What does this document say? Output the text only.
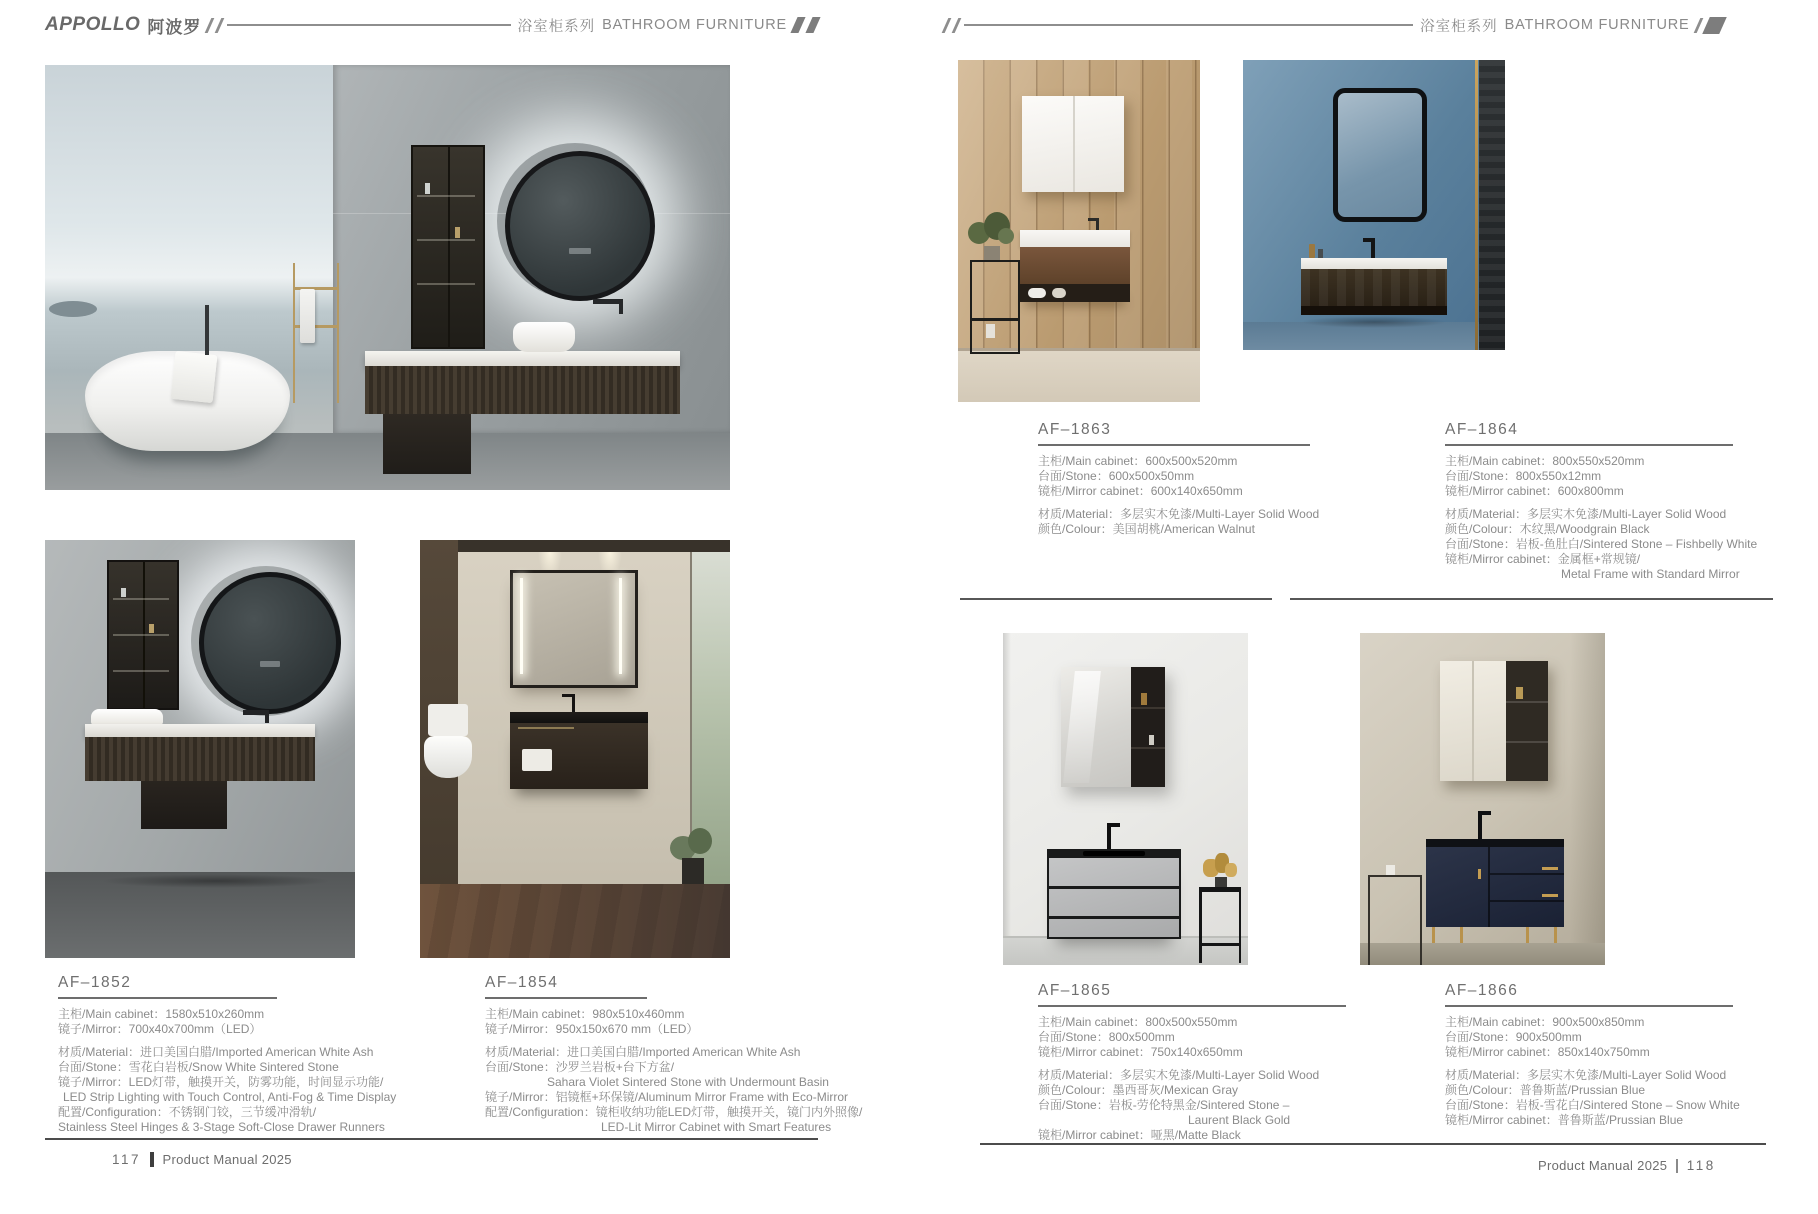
APPOLLO 阿波罗	浴室柜系列 BATHROOM FURNITURE	浴室柜系列 BATHROOM FURNITURE
AF–1852
主柜/Main cabinet：1580x510x260mm
镜子/Mirror：700x40x700mm（LED）
材质/Material：进口美国白腊/Imported American White Ash
台面/Stone：雪花白岩板/Snow White Sintered Stone
镜子/Mirror：LED灯带，触摸开关，防雾功能，时间显示功能/
LED Strip Lighting with Touch Control, Anti-Fog & Time Display
配置/Configuration：不锈钢门铰，三节缓冲滑轨/
Stainless Steel Hinges & 3-Stage Soft-Close Drawer Runners
AF–1854
主柜/Main cabinet：980x510x460mm
镜子/Mirror：950x150x670 mm（LED）
材质/Material：进口美国白腊/Imported American White Ash
台面/Stone：沙罗兰岩板+台下方盆/
Sahara Violet Sintered Stone with Undermount Basin
镜子/Mirror：铝镜框+环保镜/Aluminum Mirror Frame with Eco-Mirror
配置/Configuration：镜柜收纳功能LED灯带，触摸开关，镜门内外照像/
LED-Lit Mirror Cabinet with Smart Features
AF–1863
主柜/Main cabinet：600x500x520mm
台面/Stone：600x500x50mm
镜柜/Mirror cabinet：600x140x650mm
材质/Material：多层实木免漆/Multi-Layer Solid Wood
颜色/Colour：美国胡桃/American Walnut
AF–1864
主柜/Main cabinet：800x550x520mm
台面/Stone：800x550x12mm
镜柜/Mirror cabinet：600x800mm
材质/Material：多层实木免漆/Multi-Layer Solid Wood
颜色/Colour：木纹黑/Woodgrain Black
台面/Stone：岩板-鱼肚白/Sintered Stone – Fishbelly White
镜柜/Mirror cabinet：金属框+常规镜/
Metal Frame with Standard Mirror
AF–1865
主柜/Main cabinet：800x500x550mm
台面/Stone：800x500mm
镜柜/Mirror cabinet：750x140x650mm
材质/Material：多层实木免漆/Multi-Layer Solid Wood
颜色/Colour：墨西哥灰/Mexican Gray
台面/Stone：岩板-劳伦特黑金/Sintered Stone –
Laurent Black Gold
镜柜/Mirror cabinet：哑黑/Matte Black
AF–1866
主柜/Main cabinet：900x500x850mm
台面/Stone：900x500mm
镜柜/Mirror cabinet：850x140x750mm
材质/Material：多层实木免漆/Multi-Layer Solid Wood
颜色/Colour：普鲁斯蓝/Prussian Blue
台面/Stone：岩板-雪花白/Sintered Stone – Snow White
镜柜/Mirror cabinet：普鲁斯蓝/Prussian Blue
117 Product Manual 2025	Product Manual 2025 118
